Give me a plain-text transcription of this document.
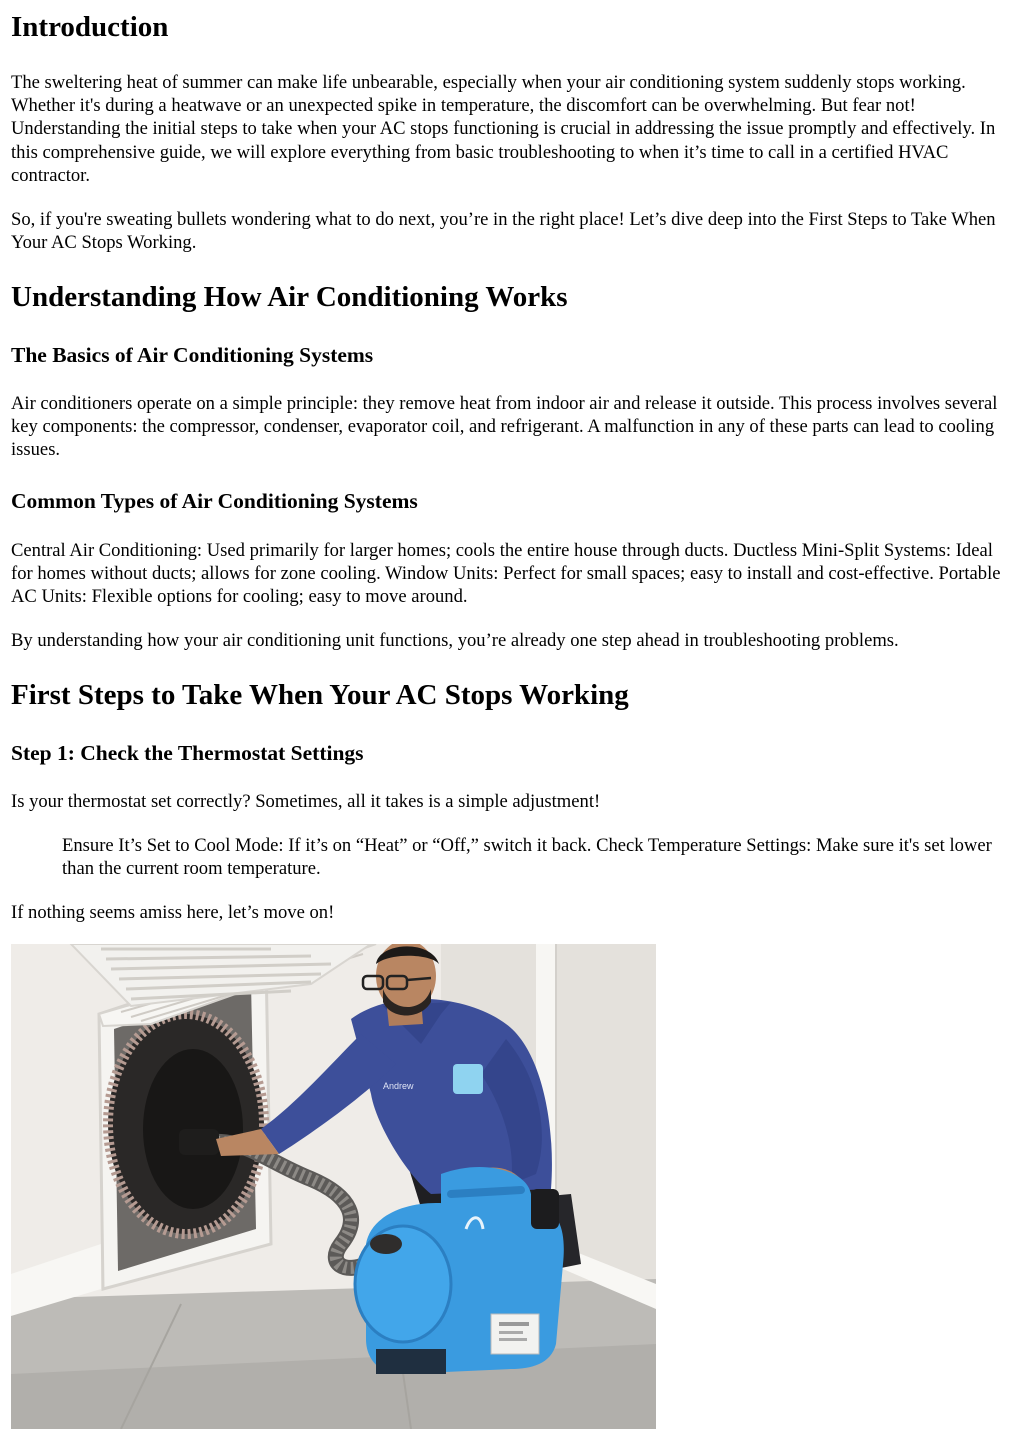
Introduction

The sweltering heat of summer can make life unbearable, especially when your air conditioning system suddenly stops working. Whether it's during a heatwave or an unexpected spike in temperature, the discomfort can be overwhelming. But fear not! Understanding the initial steps to take when your AC stops functioning is crucial in addressing the issue promptly and effectively. In this comprehensive guide, we will explore everything from basic troubleshooting to when it’s time to call in a certified HVAC contractor.

So, if you're sweating bullets wondering what to do next, you’re in the right place! Let’s dive deep into the First Steps to Take When Your AC Stops Working.

Understanding How Air Conditioning Works
The Basics of Air Conditioning Systems

Air conditioners operate on a simple principle: they remove heat from indoor air and release it outside. This process involves several key components: the compressor, condenser, evaporator coil, and refrigerant. A malfunction in any of these parts can lead to cooling issues.

Common Types of Air Conditioning Systems

Central Air Conditioning: Used primarily for larger homes; cools the entire house through ducts. Ductless Mini-Split Systems: Ideal for homes without ducts; allows for zone cooling. Window Units: Perfect for small spaces; easy to install and cost-effective. Portable AC Units: Flexible options for cooling; easy to move around.

By understanding how your air conditioning unit functions, you’re already one step ahead in troubleshooting problems.

First Steps to Take When Your AC Stops Working
Step 1: Check the Thermostat Settings

Is your thermostat set correctly? Sometimes, all it takes is a simple adjustment!

Ensure It’s Set to Cool Mode: If it’s on “Heat” or “Off,” switch it back. Check Temperature Settings: Make sure it's set lower than the current room temperature.

If nothing seems amiss here, let’s move on!

Andrew
